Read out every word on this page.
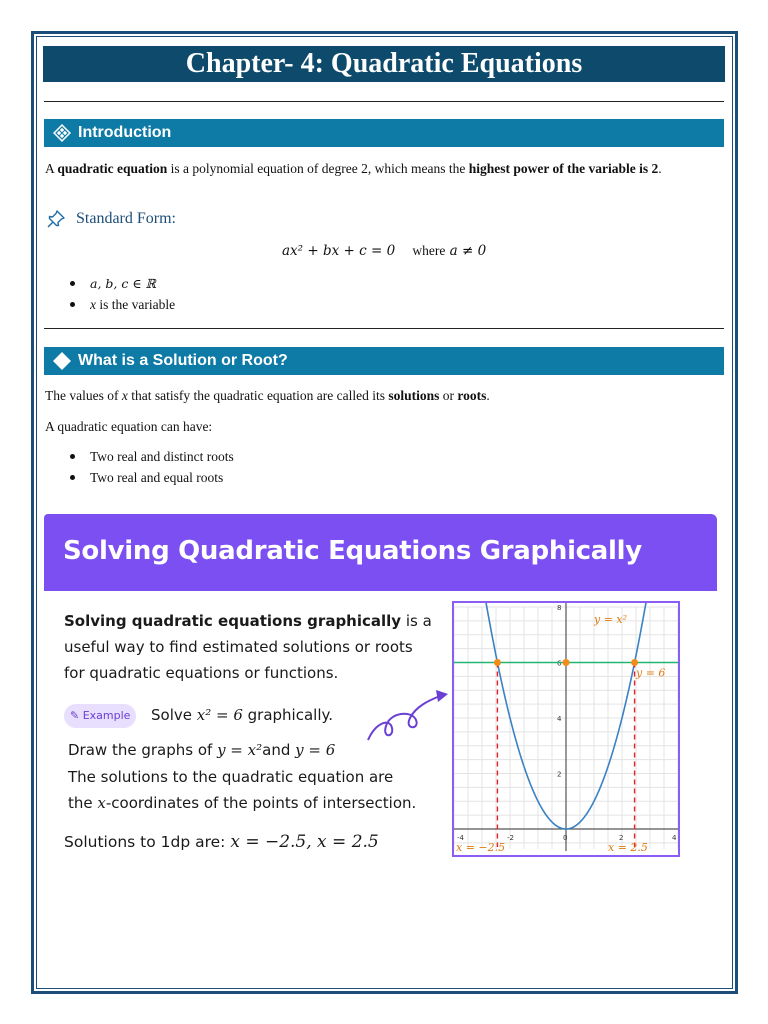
Chapter- 4: Quadratic Equations
Introduction
A quadratic equation is a polynomial equation of degree 2, which means the highest power of the variable is 2.
Standard Form:
ax² + bx + c = 0 where a ≠ 0
a, b, c ∈ ℝ
x is the variable
What is a Solution or Root?
The values of x that satisfy the quadratic equation are called its solutions or roots.
A quadratic equation can have:
Two real and distinct roots
Two real and equal roots
Solving Quadratic Equations Graphically
Solving quadratic equations graphically is a
useful way to find estimated solutions or roots
for quadratic equations or functions.
✎ Example	Solve x² = 6 graphically.
Draw the graphs of y = x²and y = 6
The solutions to the quadratic equation are
the x-coordinates of the points of intersection.
Solutions to 1dp are: x = −2.5, x = 2.5	-4	-2	0	2	4
2
4
6
8
y = x²
y = 6
x = −2.5	x = 2.5
